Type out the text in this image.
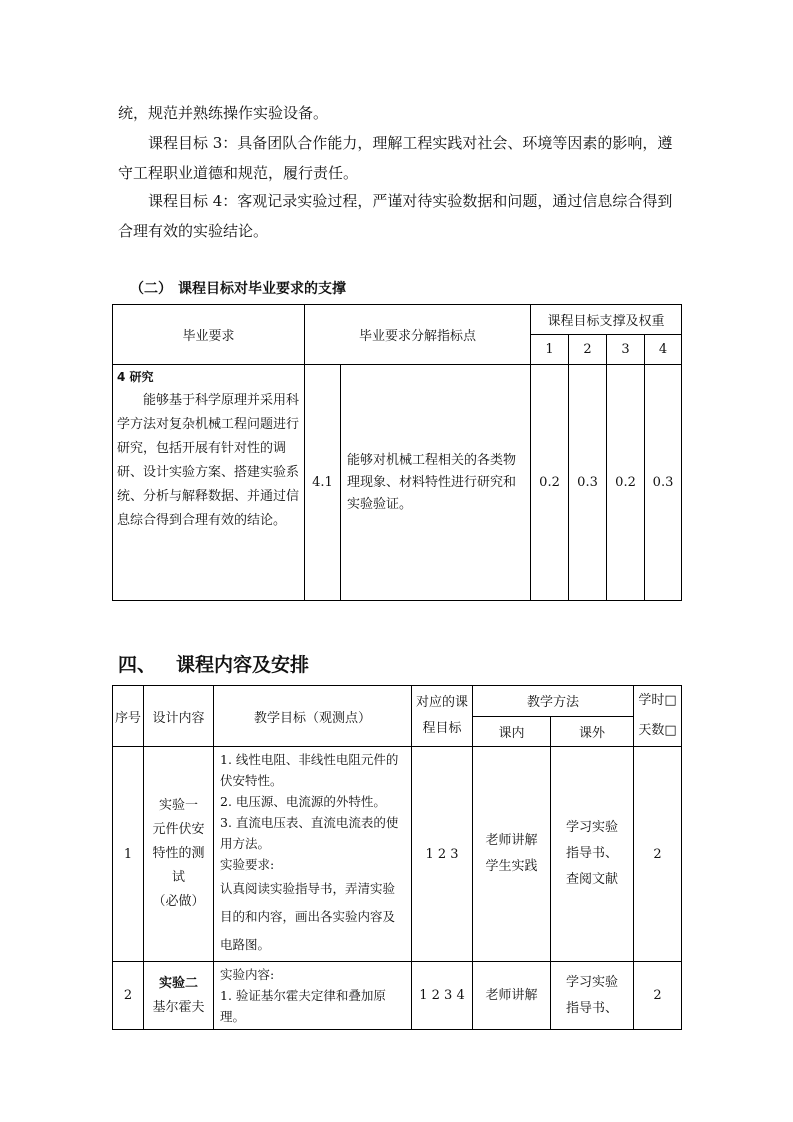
统，规范并熟练操作实验设备。

课程目标 3：具备团队合作能力，理解工程实践对社会、环境等因素的影响，遵守工程职业道德和规范，履行责任。

课程目标 4：客观记录实验过程，严谨对待实验数据和问题，通过信息综合得到合理有效的实验结论。

（二） 课程目标对毕业要求的支撑
毕业要求	毕业要求分解指标点		课程目标支撑及权重			
			1	2	3	4

4 研究
能够基于科学原理并采用科学方法对复杂机械工程问题进行研究，包括开展有针对性的调研、设计实验方案、搭建实验系统、分析与解释数据、并通过信息综合得到合理有效的结论。	4.1	能够对机械工程相关的各类物理现象、材料特性进行研究和实验验证。	0.2	0.3	0.2	0.3
四、 课程内容及安排
序号	设计内容	教学目标（观测点）	对应的课程目标	教学方法		学时□
天数□

				课内	课外	
1	实验一
元件伏安
特性的测
试
（必做）	1. 线性电阻、非线性电阻元件的伏安特性。
2. 电压源、电流源的外特性。
3. 直流电压表、直流电流表的使用方法。
实验要求:
认真阅读实验指导书，弄清实验目的和内容，画出各实验内容及电路图。	1 2 3	老师讲解
学生实践	学习实验
指导书、
查阅文献	2
2	实验二
基尔霍夫	实验内容:
1. 验证基尔霍夫定律和叠加原理。	1 2 3 4	老师讲解	学习实验
指导书、	2
